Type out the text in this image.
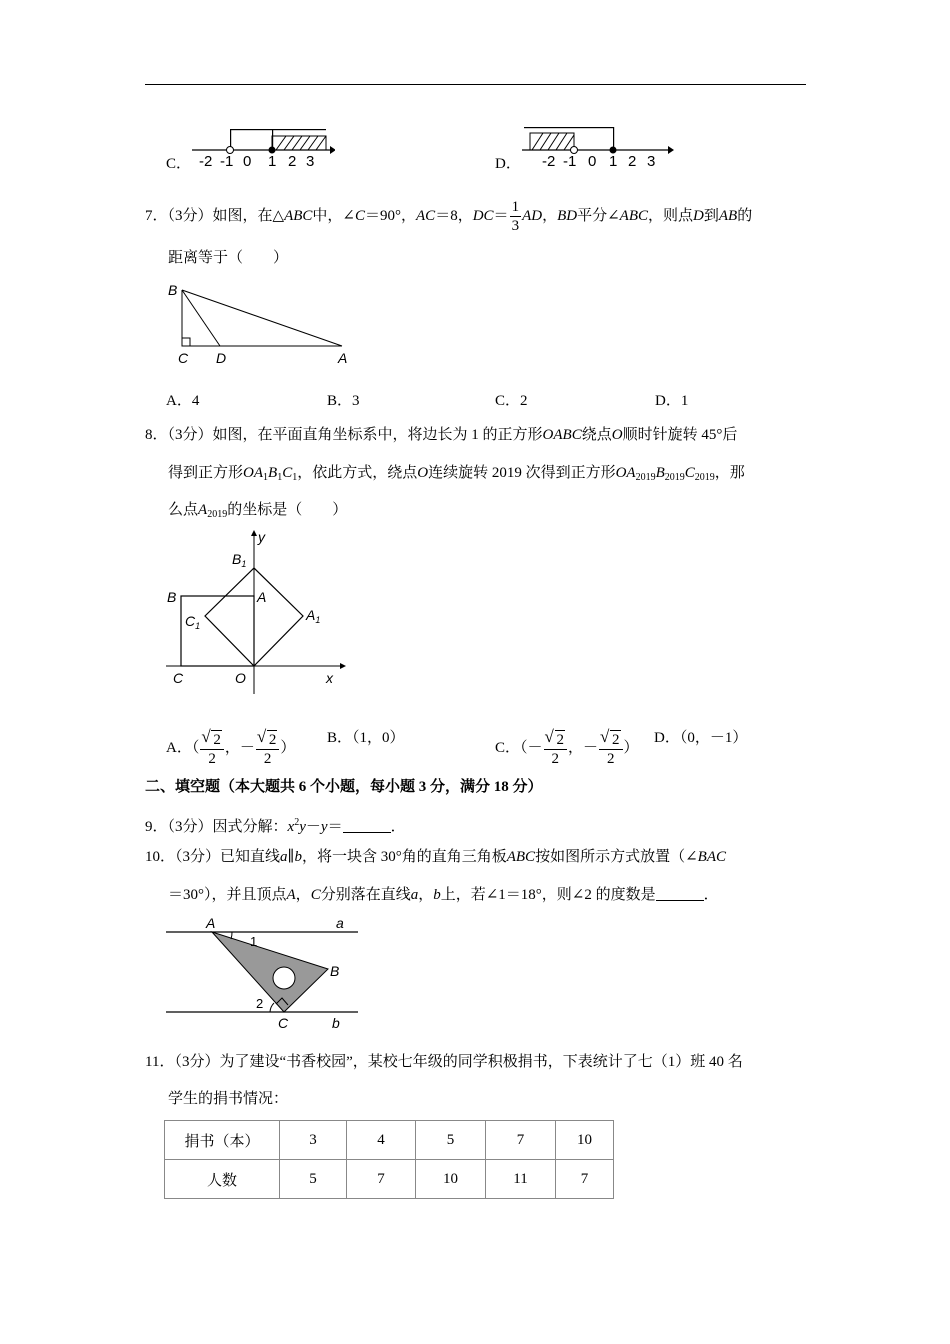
C． -2 -1 0 1 2 3	D． -2 -1 0 1 2 3
7．（3分）如图，在△ABC中，∠C＝90°，AC＝8，$DC= \frac{1}{3}$ AD，BD平分∠ABC，则点D到AB的
距离等于（　　）
B
C D	A
A．4	B．3	C．2	D．1
8．（3分）如图，在平面直角坐标系中，将边长为 1 的正方形OABC绕点O顺时针旋转 45°后
得到正方形$OA_1B_1C_1$，依此方式，绕点O连续旋转 2019 次得到正方形$OA_{2019}B_{2019}C_{2019}$，那
么点$A_{2019}$的坐标是（　　）
y
$B_1$
B	A
$C_1$
$A_1$
C	O	x
A．（ √ $\frac{2}{2}$ ，－ √ $\frac{2}{2}$ ）
B．（1，0）
C．（－ √ $\frac{2}{2}$ ，－ √ $\frac{2}{2}$ ）
D．（0，－1）
二、填空题（本大题共 6 个小题，每小题 3 分，满分 18 分）
9．（3分）因式分解：$x^2y-y=$	．
10．（3分）已知直线a∥b，将一块含 30°角的直角三角板ABC按如图所示方式放置（∠BAC
＝30°），并且顶点A，C分别落在直线a，b上，若∠1＝18°，则∠2 的度数是	．
A	a
1
B
2
C	b
11．（3分）为了建设“书香校园”，某校七年级的同学积极捐书，下表统计了七（1）班 40 名
学生的捐书情况：
捐书（本）	3	4	5	7	10
人数	5	7	10	11	7
